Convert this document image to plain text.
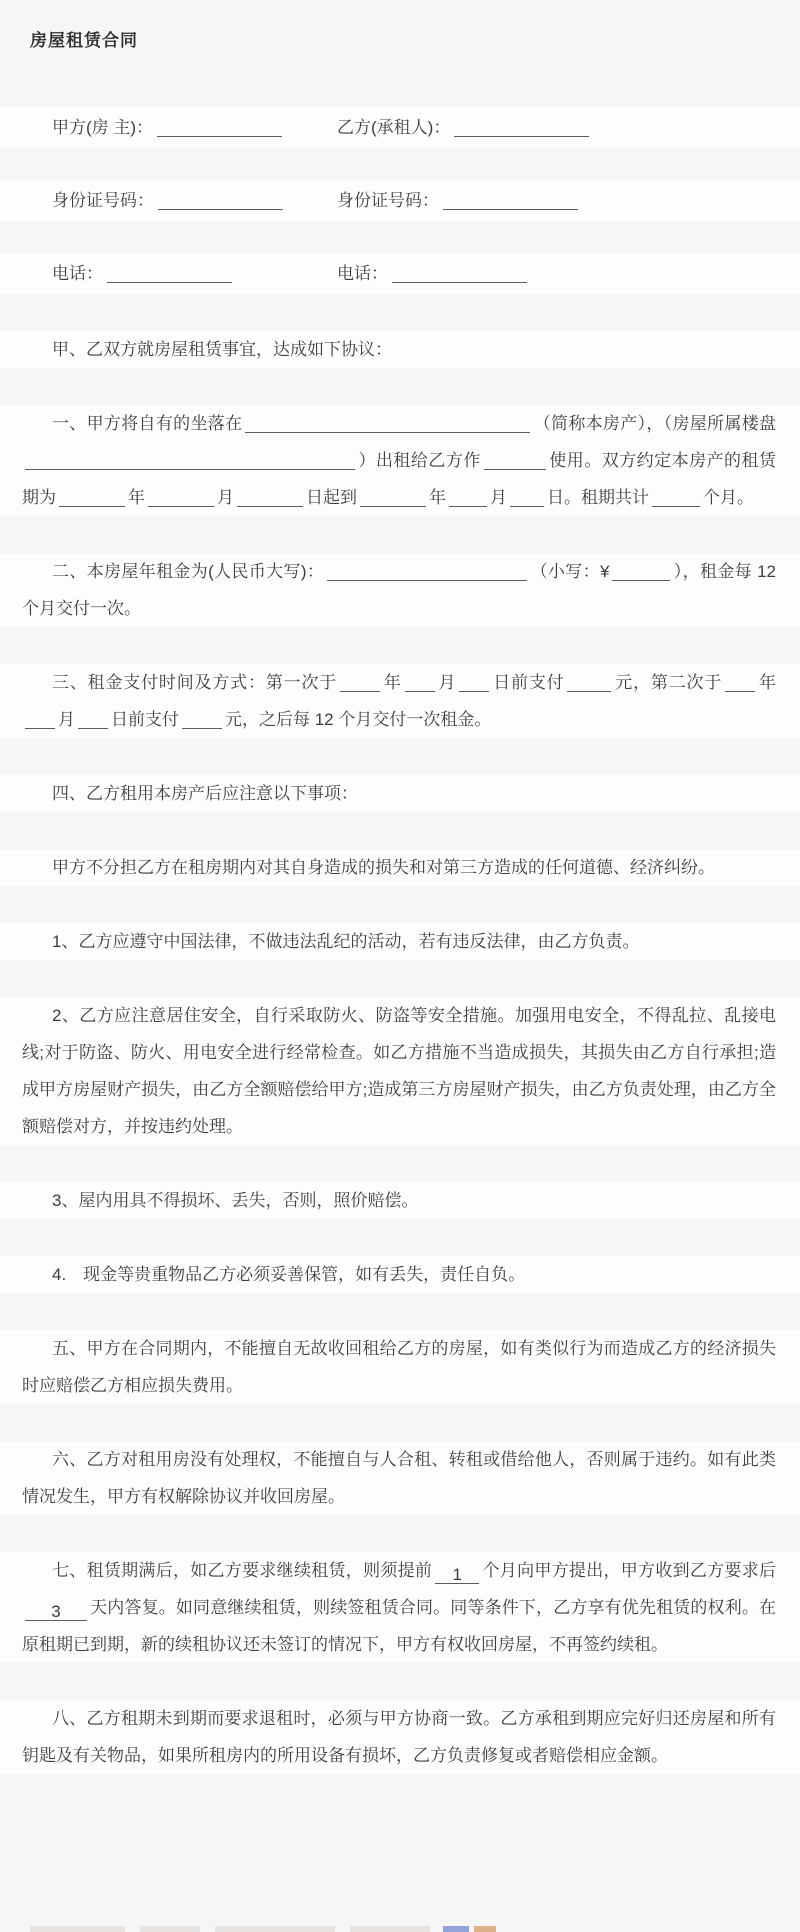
房屋租赁合同
甲方(房 主)：	乙方(承租人)：
身份证号码：	身份证号码：
电话：	电话：

甲、乙双方就房屋租赁事宜，达成如下协议：

一、甲方将自有的坐落在	（简称本房产），（房屋所属楼盘）出租给乙方作	使用。双方约定本房产的租赁期为	年	月	日起到	年	月 日。租期共计	个月。

二、本房屋年租金为(人民币大写)：	（小写：¥	），租金每 12 个月交付一次。

三、租金支付时间及方式：第一次于	年 月 日前支付	元，第二次于 年月 日前支付	元，之后每 12 个月交付一次租金。

四、乙方租用本房产后应注意以下事项：

甲方不分担乙方在租房期内对其自身造成的损失和对第三方造成的任何道德、经济纠纷。

1、乙方应遵守中国法律，不做违法乱纪的活动，若有违反法律，由乙方负责。

2、乙方应注意居住安全，自行采取防火、防盗等安全措施。加强用电安全，不得乱拉、乱接电线;对于防盗、防火、用电安全进行经常检查。如乙方措施不当造成损失，其损失由乙方自行承担;造成甲方房屋财产损失，由乙方全额赔偿给甲方;造成第三方房屋财产损失，由乙方负责处理，由乙方全额赔偿对方，并按违约处理。

3、屋内用具不得损坏、丢失，否则，照价赔偿。

4.　现金等贵重物品乙方必须妥善保管，如有丢失，责任自负。

五、甲方在合同期内，不能擅自无故收回租给乙方的房屋，如有类似行为而造成乙方的经济损失时应赔偿乙方相应损失费用。

六、乙方对租用房没有处理权，不能擅自与人合租、转租或借给他人，否则属于违约。如有此类情况发生，甲方有权解除协议并收回房屋。

七、租赁期满后，如乙方要求继续租赁，则须提前 1 个月向甲方提出，甲方收到乙方要求后3 天内答复。如同意继续租赁，则续签租赁合同。同等条件下，乙方享有优先租赁的权利。在原租期已到期，新的续租协议还未签订的情况下，甲方有权收回房屋，不再签约续租。

八、乙方租期未到期而要求退租时，必须与甲方协商一致。乙方承租到期应完好归还房屋和所有钥匙及有关物品，如果所租房内的所用设备有损坏，乙方负责修复或者赔偿相应金额。
